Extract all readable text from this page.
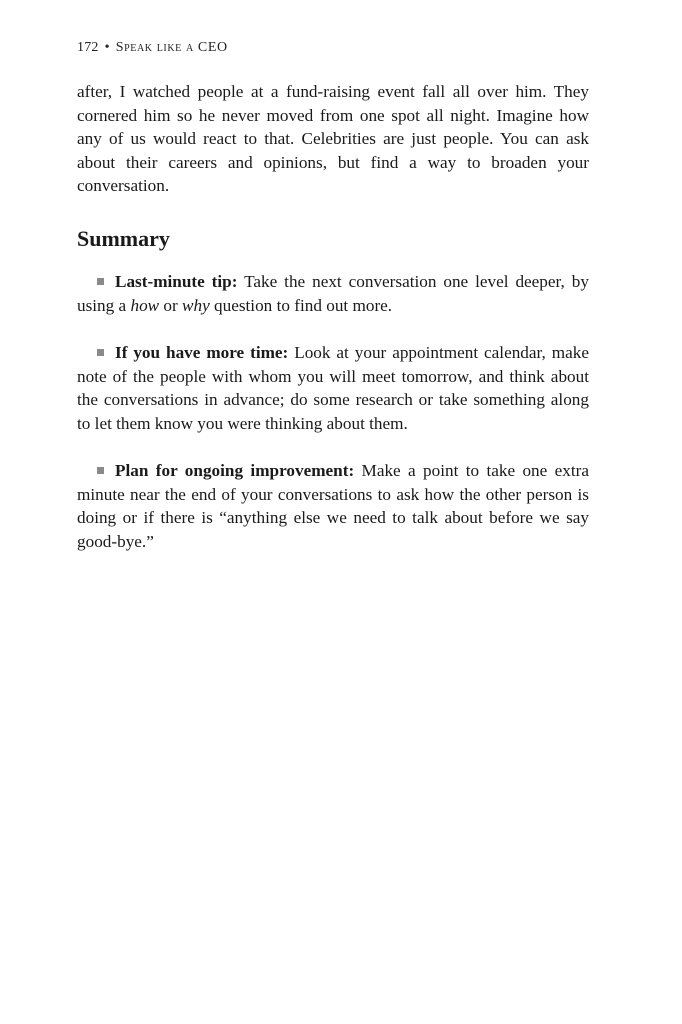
172 • Speak like a CEO

after, I watched people at a fund-raising event fall all over him. They cornered him so he never moved from one spot all night. Imagine how any of us would react to that. Celebrities are just people. You can ask about their careers and opinions, but find a way to broaden your conversation.

Summary

Last-minute tip: Take the next conversation one level deeper, by using a how or why question to find out more.

If you have more time: Look at your appointment calendar, make note of the people with whom you will meet tomorrow, and think about the conversations in advance; do some research or take something along to let them know you were thinking about them.

Plan for ongoing improvement: Make a point to take one extra minute near the end of your conversations to ask how the other person is doing or if there is “anything else we need to talk about before we say good-bye.”
